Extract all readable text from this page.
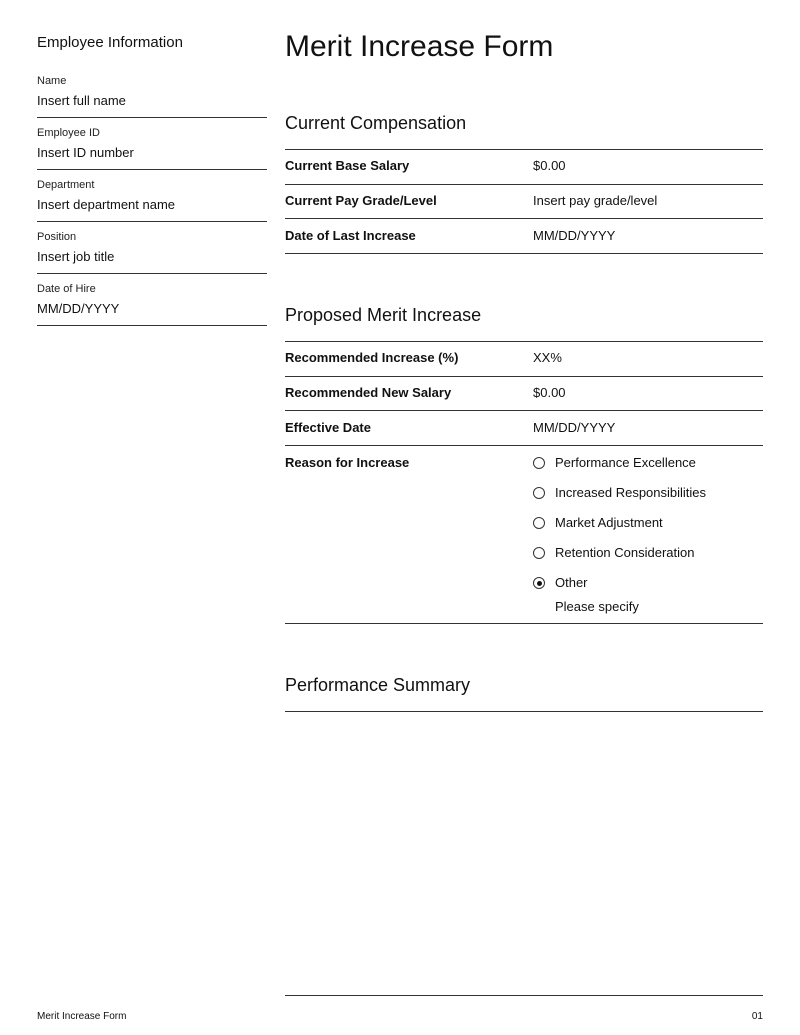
Employee Information
Name
Insert full name
Employee ID
Insert ID number
Department
Insert department name
Position
Insert job title
Date of Hire
MM/DD/YYYY
Merit Increase Form
Current Compensation
Current Base Salary	$0.00
Current Pay Grade/Level	Insert pay grade/level
Date of Last Increase	MM/DD/YYYY
Proposed Merit Increase
Recommended Increase (%)	XX%
Recommended New Salary	$0.00
Effective Date	MM/DD/YYYY
Reason for Increase	Performance Excellence
Increased Responsibilities
Market Adjustment
Retention Consideration
Other
Please specify
Performance Summary
Merit Increase Form	01
